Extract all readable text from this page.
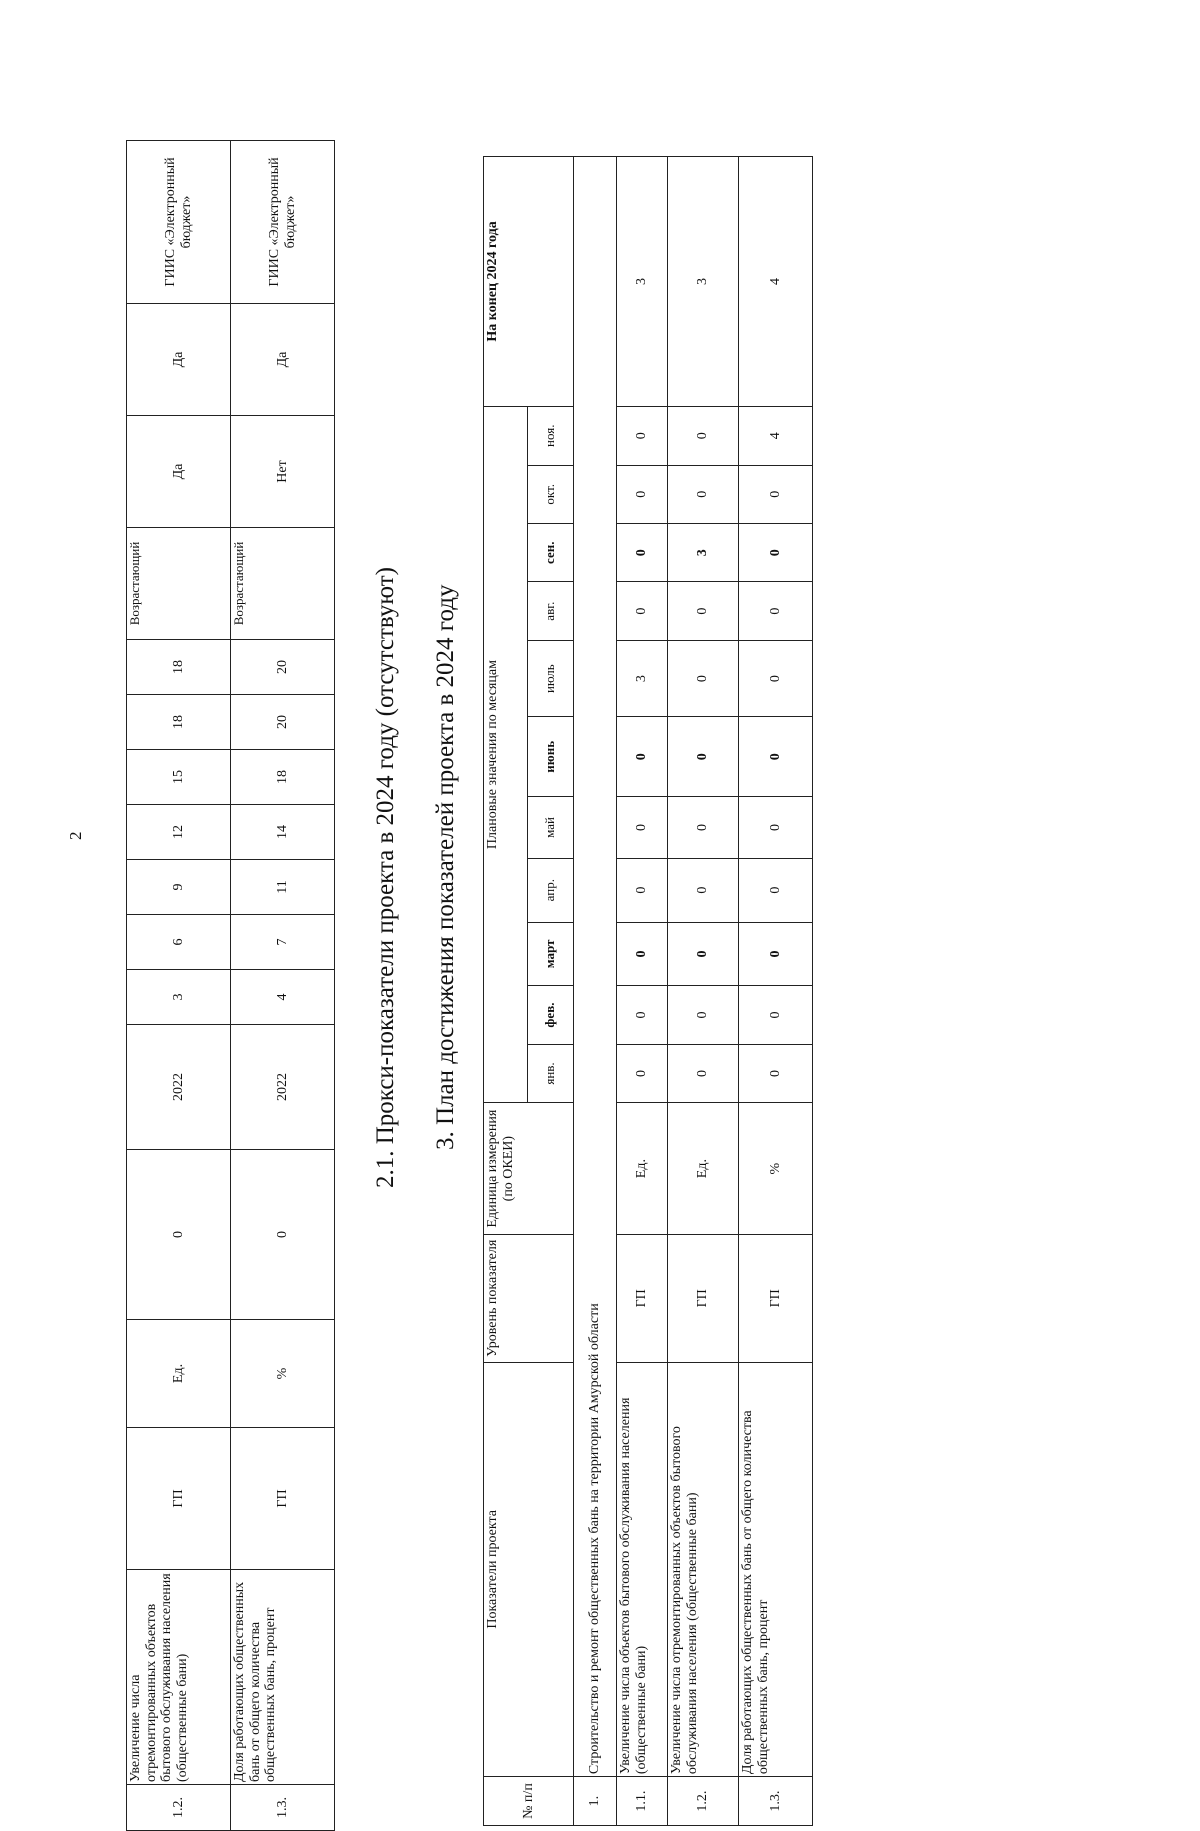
2
1.2.	Увеличение числа отремонтированных объектов бытового обслуживания населения (общественные бани)	ГП	Ед.	0	2022	3	6	9	12	15	18	18	Возрастающий	Да	Да	ГИИС «Электронный бюджет»
1.3.	Доля работающих общественных бань от общего количества общественных бань, процент	ГП	%	0	2022	4	7	11	14	18	20	20	Возрастающий	Нет	Да	ГИИС «Электронный бюджет»
2.1. Прокси-показатели проекта в 2024 году (отсутствуют) 3. План достижения показателей проекта в 2024 году
№ п/п	Показатели проекта	Уровень показателя	Единица измерения (по ОКЕИ)	Плановые значения по месяцам											На конец 2024 года
				янв.	фев.	март	апр.	май	июнь	июль	авг.	сен.	окт.	ноя.	
1.	Строительство и ремонт общественных бань на территории Амурской области														
1.1.	Увеличение числа объектов бытового обслуживания населения (общественные бани)	ГП	Ед.	0	0	0	0	0	0	3	0	0	0	0	3
1.2.	Увеличение числа отремонтированных объектов бытового обслуживания населения (общественные бани)	ГП	Ед.	0	0	0	0	0	0	0	0	3	0	0	3
1.3.	Доля работающих общественных бань от общего количества общественных бань, процент	ГП	%	0	0	0	0	0	0	0	0	0	0	4	4
